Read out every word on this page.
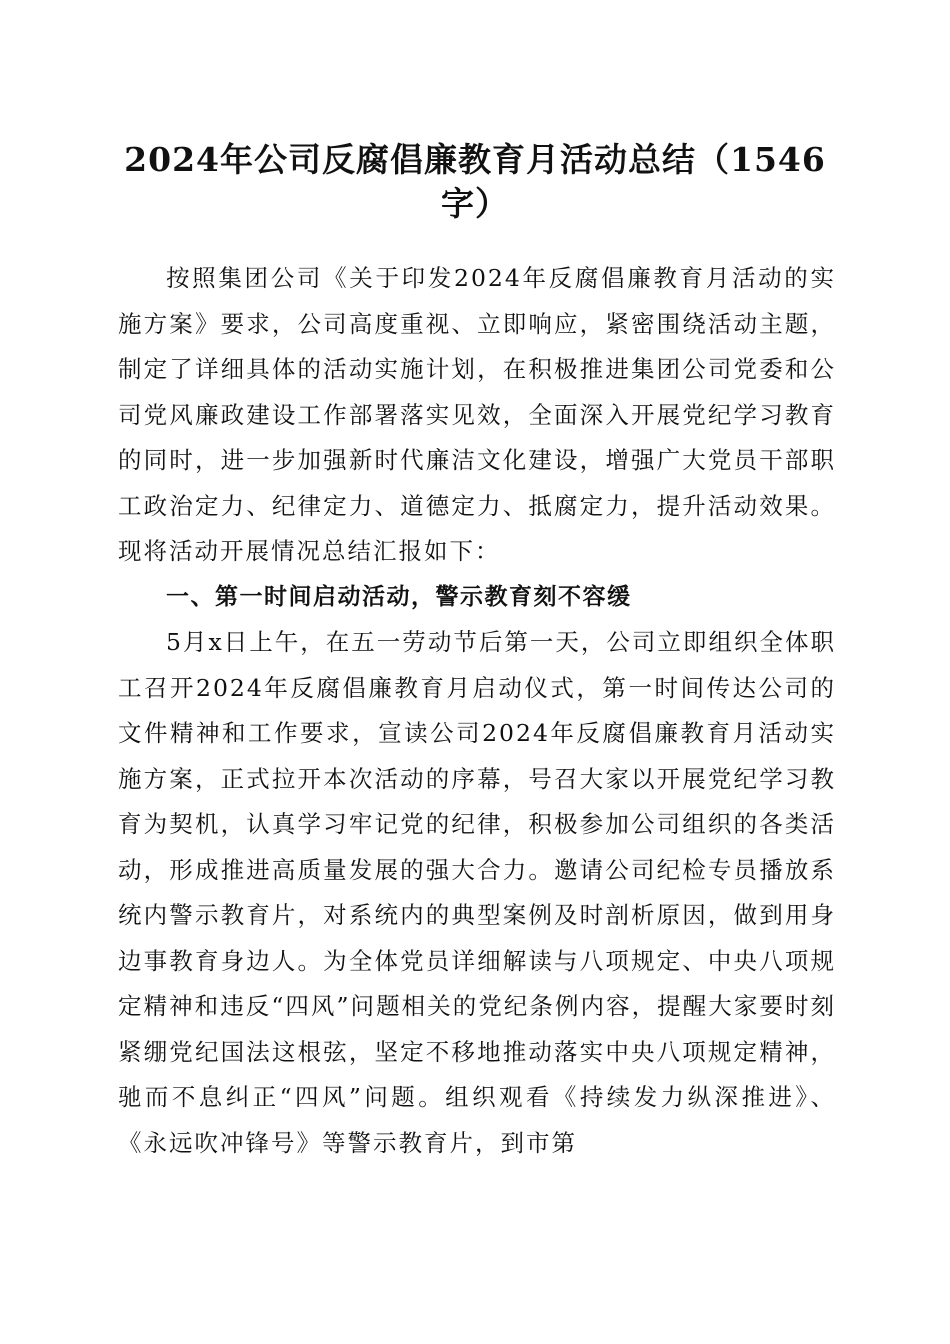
2024年公司反腐倡廉教育月活动总结（1546字）

按照集团公司《关于印发2024年反腐倡廉教育月活动的实施方案》要求，公司高度重视、立即响应，紧密围绕活动主题，制定了详细具体的活动实施计划，在积极推进集团公司党委和公司党风廉政建设工作部署落实见效，全面深入开展党纪学习教育的同时，进一步加强新时代廉洁文化建设，增强广大党员干部职工政治定力、纪律定力、道德定力、抵腐定力，提升活动效果。现将活动开展情况总结汇报如下：

一、第一时间启动活动，警示教育刻不容缓

5月x日上午，在五一劳动节后第一天，公司立即组织全体职工召开2024年反腐倡廉教育月启动仪式，第一时间传达公司的文件精神和工作要求，宣读公司2024年反腐倡廉教育月活动实施方案，正式拉开本次活动的序幕，号召大家以开展党纪学习教育为契机，认真学习牢记党的纪律，积极参加公司组织的各类活动，形成推进高质量发展的强大合力。邀请公司纪检专员播放系统内警示教育片，对系统内的典型案例及时剖析原因，做到用身边事教育身边人。为全体党员详细解读与八项规定、中央八项规定精神和违反“四风”问题相关的党纪条例内容，提醒大家要时刻紧绷党纪国法这根弦，坚定不移地推动落实中央八项规定精神，驰而不息纠正“四风”问题。组织观看《持续发力纵深推进》、《永远吹冲锋号》等警示教育片，到市第
